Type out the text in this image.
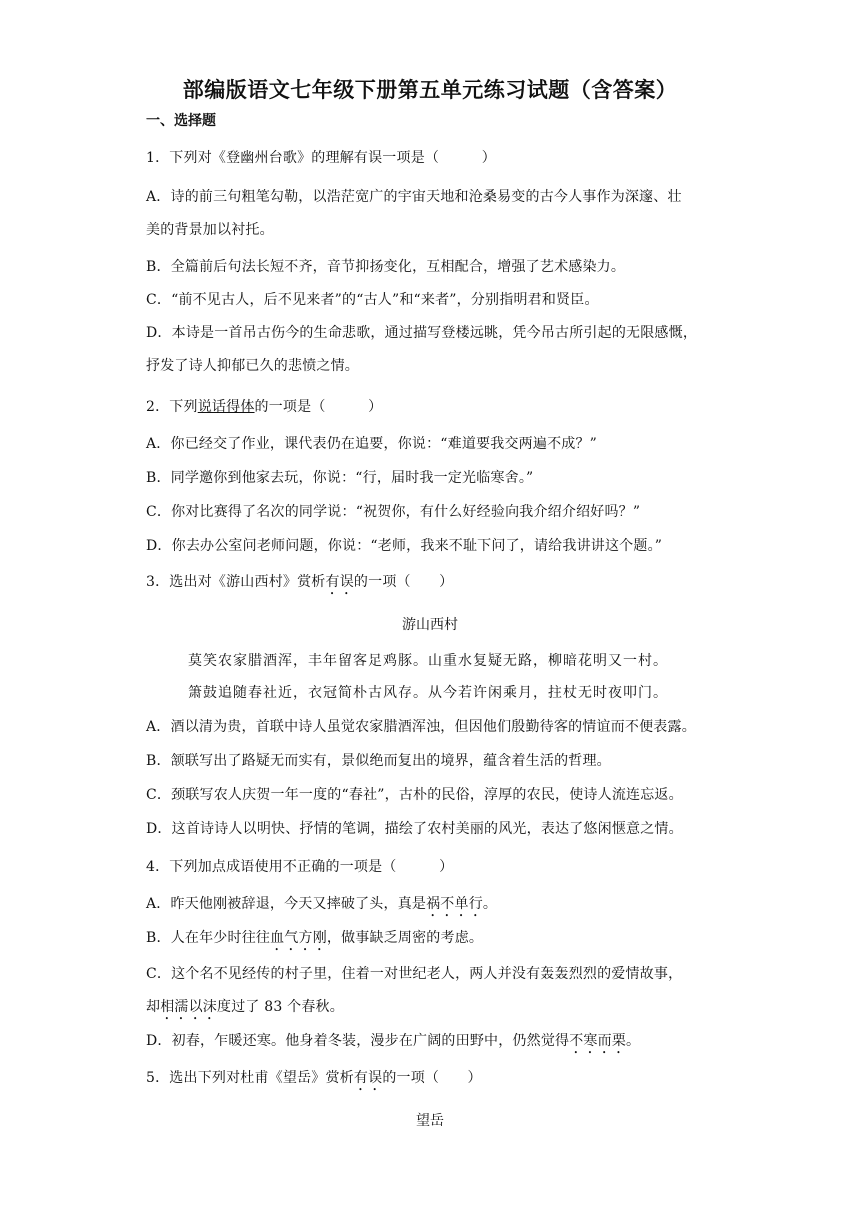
部编版语文七年级下册第五单元练习试题（含答案）
一、选择题
1．下列对《登幽州台歌》的理解有误一项是（　　　）
A．诗的前三句粗笔勾勒，以浩茫宽广的宇宙天地和沧桑易变的古今人事作为深邃、壮
美的背景加以衬托。
B．全篇前后句法长短不齐，音节抑扬变化，互相配合，增强了艺术感染力。
C．“前不见古人，后不见来者”的“古人”和“来者”，分别指明君和贤臣。
D．本诗是一首吊古伤今的生命悲歌，通过描写登楼远眺，凭今吊古所引起的无限感慨，
抒发了诗人抑郁已久的悲愤之情。
2．下列说话得体的一项是（　　　）
A．你已经交了作业，课代表仍在追要，你说：“难道要我交两遍不成？”
B．同学邀你到他家去玩，你说：“行，届时我一定光临寒舍。”
C．你对比赛得了名次的同学说：“祝贺你，有什么好经验向我介绍介绍好吗？”
D．你去办公室问老师问题，你说：“老师，我来不耻下问了，请给我讲讲这个题。”
3．选出对《游山西村》赏析有误的一项（　　）
游山西村
莫笑农家腊酒浑，丰年留客足鸡豚。山重水复疑无路，柳暗花明又一村。
箫鼓追随春社近，衣冠简朴古风存。从今若许闲乘月，拄杖无时夜叩门。
A．酒以清为贵，首联中诗人虽觉农家腊酒浑浊，但因他们殷勤待客的情谊而不便表露。
B．颔联写出了路疑无而实有，景似绝而复出的境界，蕴含着生活的哲理。
C．颈联写农人庆贺一年一度的“春社”，古朴的民俗，淳厚的农民，使诗人流连忘返。
D．这首诗诗人以明快、抒情的笔调，描绘了农村美丽的风光，表达了悠闲惬意之情。
4．下列加点成语使用不正确的一项是（　　　）
A．昨天他刚被辞退，今天又摔破了头，真是祸不单行。
B．人在年少时往往血气方刚，做事缺乏周密的考虑。
C．这个名不见经传的村子里，住着一对世纪老人，两人并没有轰轰烈烈的爱情故事，
却相濡以沫度过了 83 个春秋。
D．初春，乍暖还寒。他身着冬装，漫步在广阔的田野中，仍然觉得不寒而栗。
5．选出下列对杜甫《望岳》赏析有误的一项（　　）
望岳
